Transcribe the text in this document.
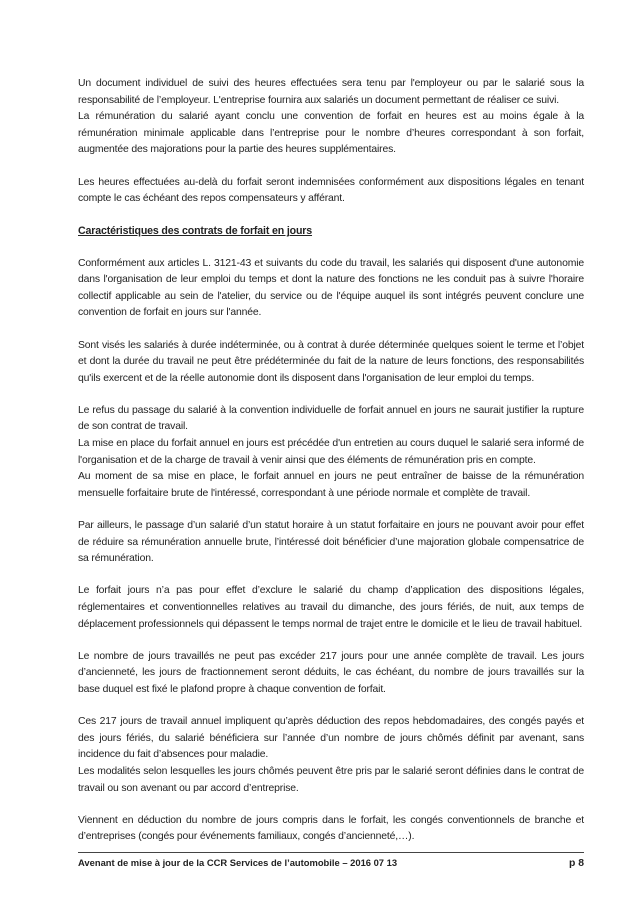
Un document individuel de suivi des heures effectuées sera tenu par l'employeur ou par le salarié sous la responsabilité de l’employeur. L'entreprise fournira aux salariés un document permettant de réaliser ce suivi.
La rémunération du salarié ayant conclu une convention de forfait en heures est au moins égale à la rémunération minimale applicable dans l’entreprise pour le nombre d’heures correspondant à son forfait, augmentée des majorations pour la partie des heures supplémentaires.
Les heures effectuées au-delà du forfait seront indemnisées conformément aux dispositions légales en tenant compte le cas échéant des repos compensateurs y afférant.
Caractéristiques des contrats de forfait en jours
Conformément aux articles L. 3121-43 et suivants du code du travail, les salariés qui disposent d'une autonomie dans l'organisation de leur emploi du temps et dont la nature des fonctions ne les conduit pas à suivre l'horaire collectif applicable au sein de l'atelier, du service ou de l'équipe auquel ils sont intégrés peuvent conclure une convention de forfait en jours sur l'année.
Sont visés les salariés à durée indéterminée, ou à contrat à durée déterminée quelques soient le terme et l’objet et dont la durée du travail ne peut être prédéterminée du fait de la nature de leurs fonctions, des responsabilités qu'ils exercent et de la réelle autonomie dont ils disposent dans l'organisation de leur emploi du temps.
Le refus du passage du salarié à la convention individuelle de forfait annuel en jours ne saurait justifier la rupture de son contrat de travail.
La mise en place du forfait annuel en jours est précédée d'un entretien au cours duquel le salarié sera informé de l'organisation et de la charge de travail à venir ainsi que des éléments de rémunération pris en compte.
Au moment de sa mise en place, le forfait annuel en jours ne peut entraîner de baisse de la rémunération mensuelle forfaitaire brute de l'intéressé, correspondant à une période normale et complète de travail.
Par ailleurs, le passage d’un salarié d’un statut horaire à un statut forfaitaire en jours ne pouvant avoir pour effet de réduire sa rémunération annuelle brute, l’intéressé doit bénéficier d’une majoration globale compensatrice de sa rémunération.
Le forfait jours n’a pas pour effet d’exclure le salarié du champ d’application des dispositions légales, réglementaires et conventionnelles relatives au travail du dimanche, des jours fériés, de nuit, aux temps de déplacement professionnels qui dépassent le temps normal de trajet entre le domicile et le lieu de travail habituel.
Le nombre de jours travaillés ne peut pas excéder 217 jours pour une année complète de travail. Les jours d’ancienneté, les jours de fractionnement seront déduits, le cas échéant, du nombre de jours travaillés sur la base duquel est fixé le plafond propre à chaque convention de forfait.
Ces 217 jours de travail annuel impliquent qu’après déduction des repos hebdomadaires, des congés payés et des jours fériés, du salarié bénéficiera sur l’année d’un nombre de jours chômés définit par avenant, sans incidence du fait d’absences pour maladie.
Les modalités selon lesquelles les jours chômés peuvent être pris par le salarié seront définies dans le contrat de travail ou son avenant ou par accord d’entreprise.
Viennent en déduction du nombre de jours compris dans le forfait, les congés conventionnels de branche et d’entreprises (congés pour événements familiaux, congés d’ancienneté,…).
Avenant de mise à jour de la CCR Services de l’automobile – 2016 07 13	p 8
